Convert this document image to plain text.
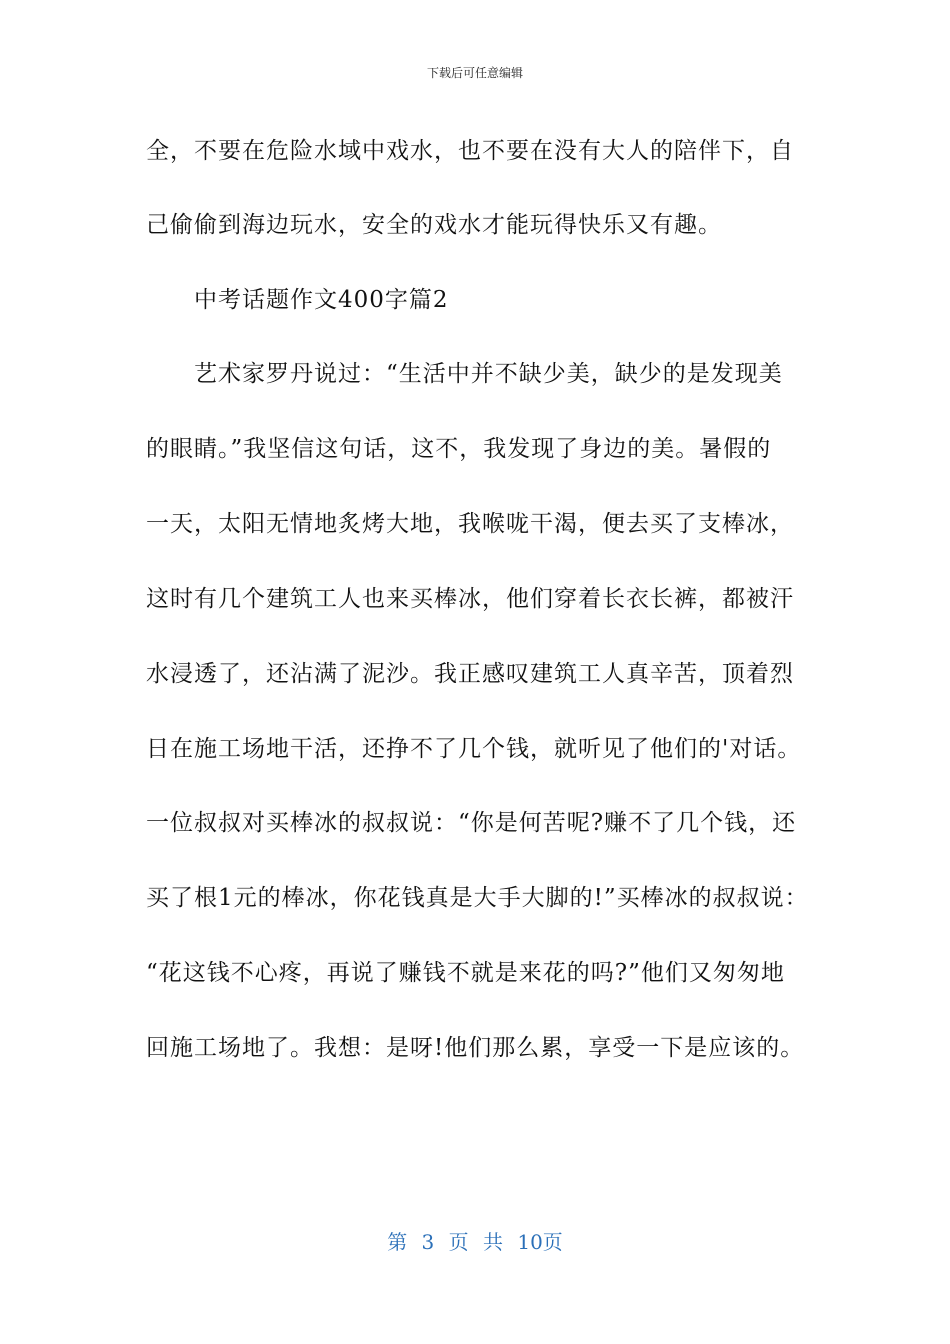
下载后可任意编辑
全，不要在危险水域中戏水，也不要在没有大人的陪伴下，自
己偷偷到海边玩水，安全的戏水才能玩得快乐又有趣。
中考话题作文400字篇2
艺术家罗丹说过：“生活中并不缺少美，缺少的是发现美
的眼睛。”我坚信这句话，这不，我发现了身边的美。暑假的
一天，太阳无情地炙烤大地，我喉咙干渴，便去买了支棒冰，
这时有几个建筑工人也来买棒冰，他们穿着长衣长裤，都被汗
水浸透了，还沾满了泥沙。我正感叹建筑工人真辛苦，顶着烈
日在施工场地干活，还挣不了几个钱，就听见了他们的'对话。
一位叔叔对买棒冰的叔叔说：“你是何苦呢?赚不了几个钱，还
买了根1元的棒冰，你花钱真是大手大脚的!”买棒冰的叔叔说：
“花这钱不心疼，再说了赚钱不就是来花的吗?”他们又匆匆地
回施工场地了。我想：是呀!他们那么累，享受一下是应该的。
第 3 页 共 10页
